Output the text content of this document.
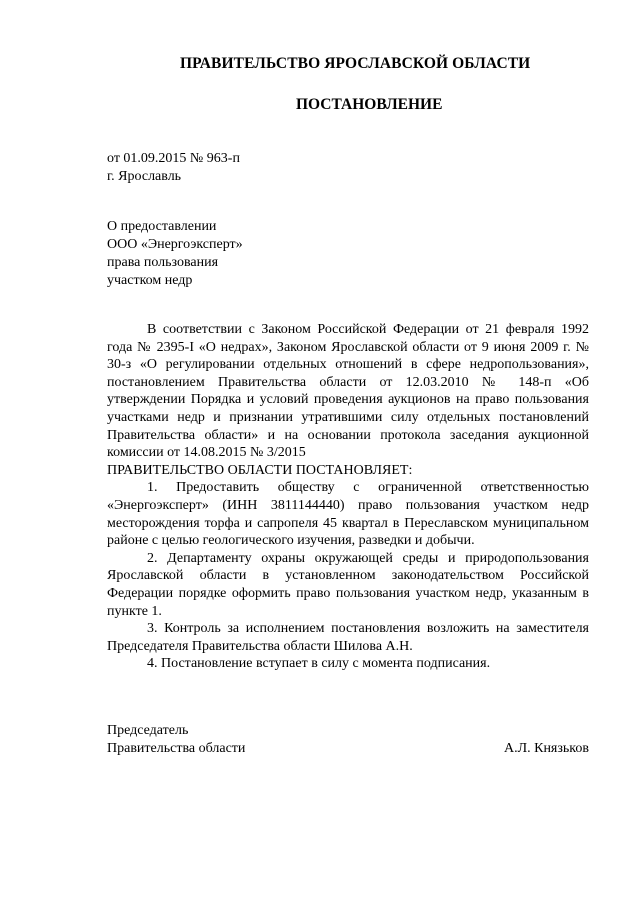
ПРАВИТЕЛЬСТВО ЯРОСЛАВСКОЙ ОБЛАСТИ
ПОСТАНОВЛЕНИЕ
от 01.09.2015 № 963-п
г. Ярославль
О предоставлении
ООО «Энергоэксперт»
права пользования
участком недр

В соответствии с Законом Российской Федерации от 21 февраля 1992 года № 2395-I «О недрах», Законом Ярославской области от 9 июня 2009 г. № 30-з «О регулировании отдельных отношений в сфере недропользования», постановлением Правительства области от 12.03.2010 № 148-п «Об утверждении Порядка и условий проведения аукционов на право пользования участками недр и признании утратившими силу отдельных постановлений Правительства области» и на основании протокола заседания аукционной комиссии от 14.08.2015 № 3/2015

ПРАВИТЕЛЬСТВО ОБЛАСТИ ПОСТАНОВЛЯЕТ:

1. Предоставить обществу с ограниченной ответственностью «Энергоэксперт» (ИНН 3811144440) право пользования участком недр месторождения торфа и сапропеля 45 квартал в Переславском муниципальном районе с целью геологического изучения, разведки и добычи.

2. Департаменту охраны окружающей среды и природопользования Ярославской области в установленном законодательством Российской Федерации порядке оформить право пользования участком недр, указанным в пункте 1.

3. Контроль за исполнением постановления возложить на заместителя Председателя Правительства области Шилова А.Н.

4. Постановление вступает в силу с момента подписания.

Председатель
Правительства области	А.Л. Князьков
